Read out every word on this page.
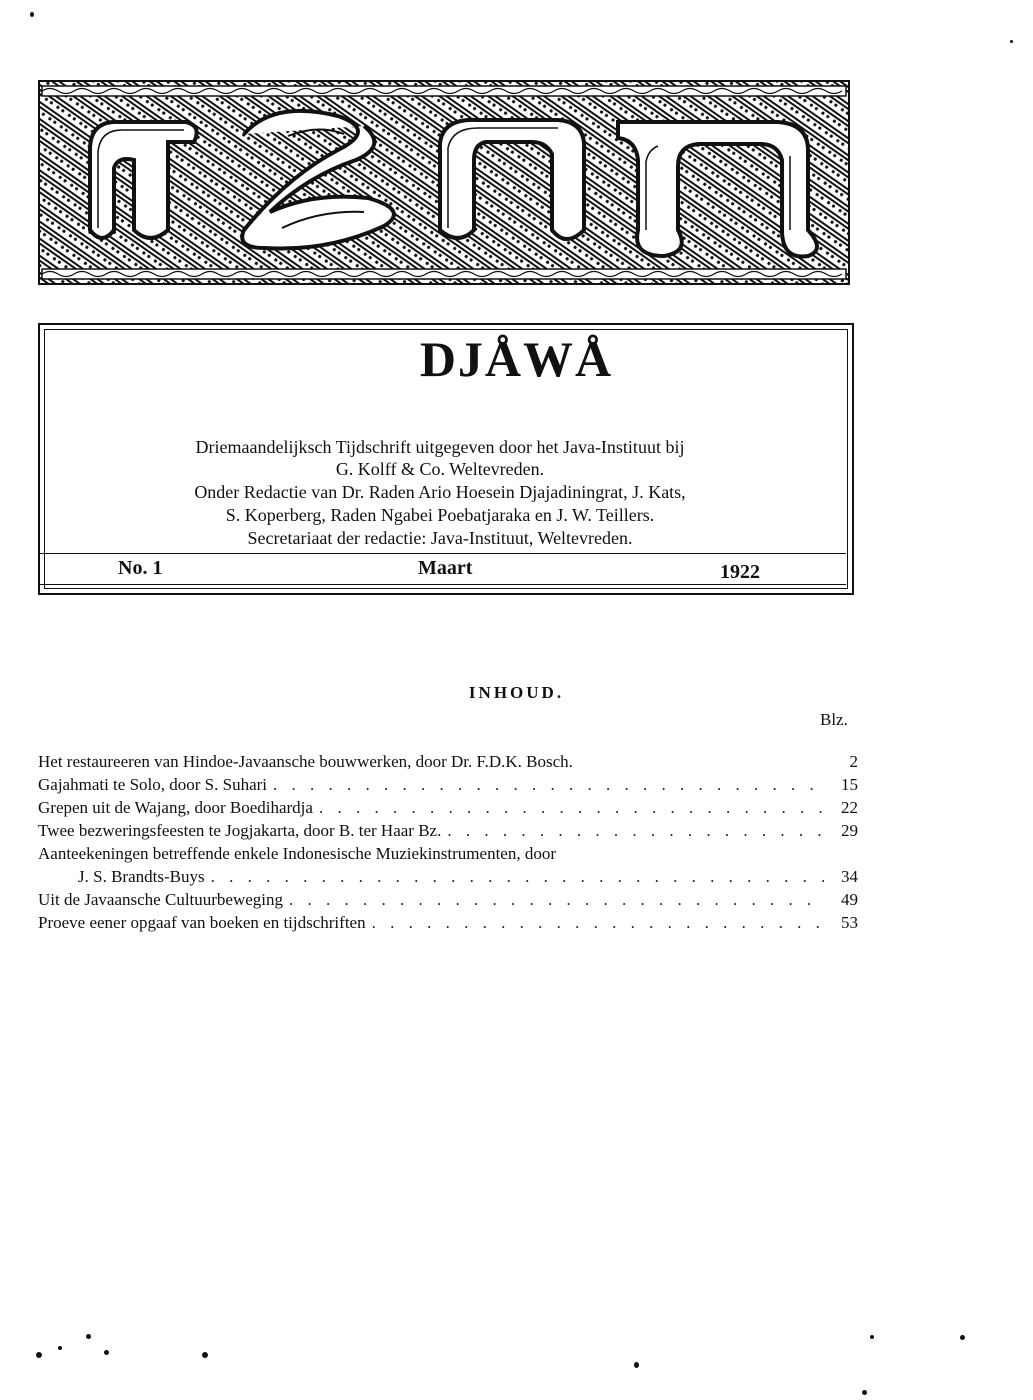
DJÅWÅ

Driemaandelijksch Tijdschrift uitgegeven door het Java-Instituut bij

G. Kolff & Co. Weltevreden.

Onder Redactie van Dr. Raden Ario Hoesein Djajadiningrat, J. Kats,

S. Koperberg, Raden Ngabei Poebatjaraka en J. W. Teillers.

Secretariaat der redactie: Java-Instituut, Weltevreden.

No. 1	Maart	1922

INHOUD.

Blz.

Het restaureeren van Hindoe-Javaansche bouwwerken, door Dr. F.D.K. Bosch.	2
Gajahmati te Solo, door S. Suhari . . .	15
Grepen uit de Wajang, door Boedihardja . . .	22
Twee bezweringsfeesten te Jogjakarta, door B. ter Haar Bz. . . .	29
Aanteekeningen betreffende enkele Indonesische Muziekinstrumenten, door
J. S. Brandts-Buys . . .	34
Uit de Javaansche Cultuurbeweging . . .	49
Proeve eener opgaaf van boeken en tijdschriften . . .	53
